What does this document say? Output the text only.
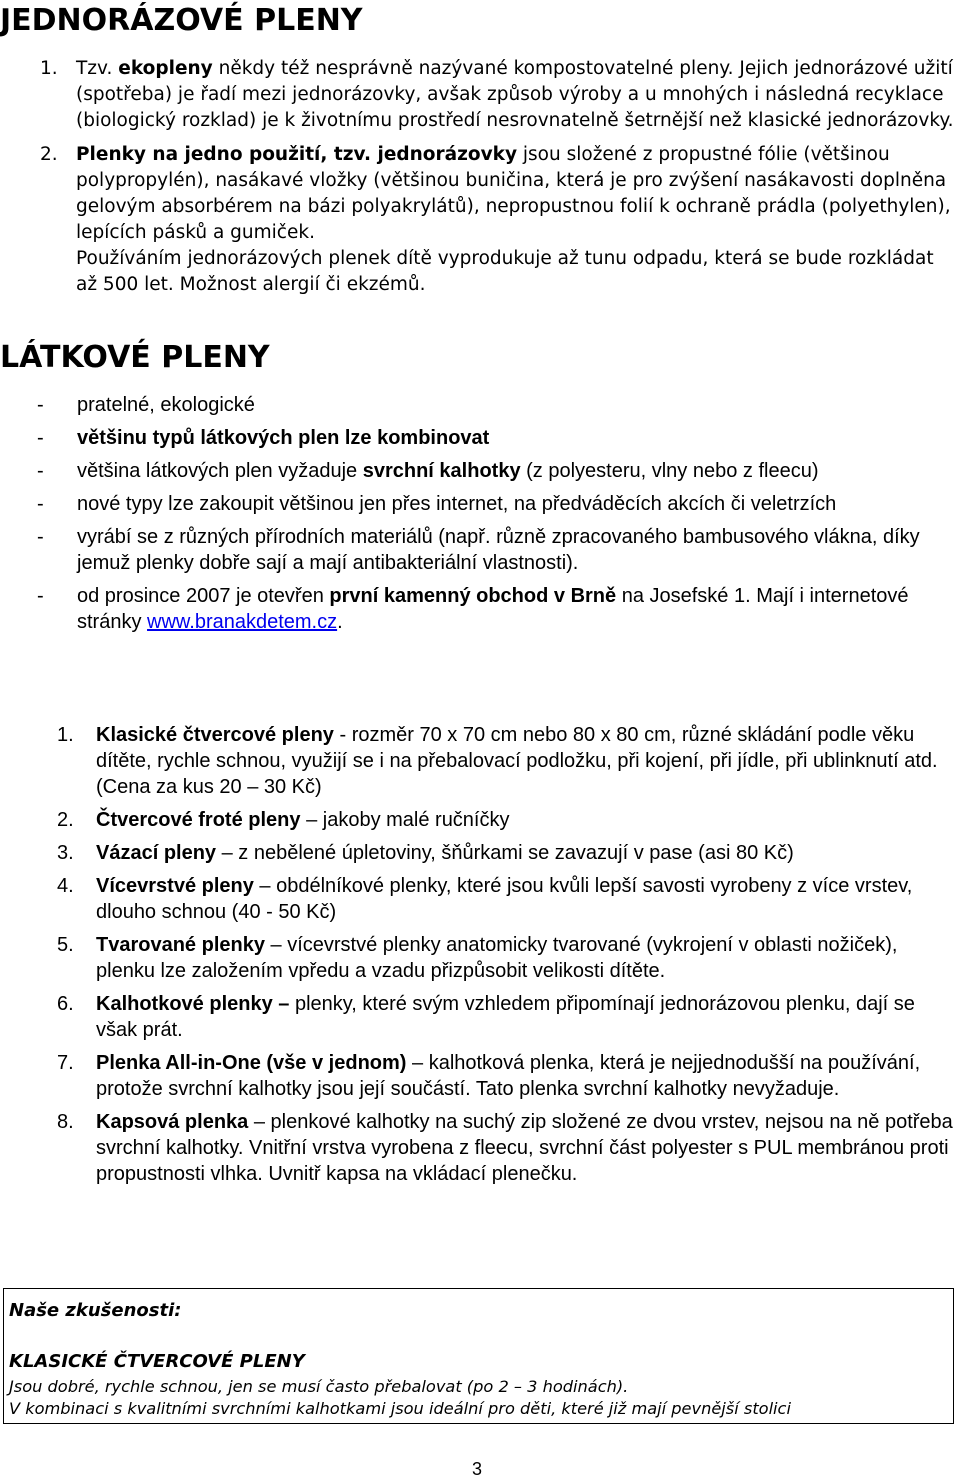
JEDNORÁZOVÉ PLENY
1. Tzv. ekopleny někdy též nesprávně nazývané kompostovatelné pleny. Jejich jednorázové užití (spotřeba) je řadí mezi jednorázovky, avšak způsob výroby a u mnohých i následná recyklace (biologický rozklad) je k životnímu prostředí nesrovnatelně šetrnější než klasické jednorázovky.
2. Plenky na jedno použití, tzv. jednorázovky jsou složené z propustné fólie (většinou polypropylén), nasákavé vložky (většinou buničina, která je pro zvýšení nasákavosti doplněna gelovým absorbérem na bázi polyakrylátů), nepropustnou folií k ochraně prádla (polyethylen), lepících pásků a gumiček.
Používáním jednorázových plenek dítě vyprodukuje až tunu odpadu, která se bude rozkládat až 500 let. Možnost alergií či ekzémů.
LÁTKOVÉ PLENY
- pratelné, ekologické
- většinu typů látkových plen lze kombinovat
- většina látkových plen vyžaduje svrchní kalhotky (z polyesteru, vlny nebo z fleecu)
- nové typy lze zakoupit většinou jen přes internet, na předváděcích akcích či veletrzích
- vyrábí se z různých přírodních materiálů (např. různě zpracovaného bambusového vlákna, díky jemuž plenky dobře sají a mají antibakteriální vlastnosti).
- od prosince 2007 je otevřen první kamenný obchod v Brně na Josefské 1. Mají i internetové stránky www.branakdetem.cz.
1. Klasické čtvercové pleny - rozměr 70 x 70 cm nebo 80 x 80 cm, různé skládání podle věku dítěte, rychle schnou, využijí se i na přebalovací podložku, při kojení, při jídle, při ublinknutí atd. (Cena za kus 20 – 30 Kč)
2. Čtvercové froté pleny – jakoby malé ručníčky
3. Vázací pleny – z nebělené úpletoviny, šňůrkami se zavazují v pase (asi 80 Kč)
4. Vícevrstvé pleny – obdélníkové plenky, které jsou kvůli lepší savosti vyrobeny z více vrstev, dlouho schnou (40 - 50 Kč)
5. Tvarované plenky – vícevrstvé plenky anatomicky tvarované (vykrojení v oblasti nožiček), plenku lze založením vpředu a vzadu přizpůsobit velikosti dítěte.
6. Kalhotkové plenky – plenky, které svým vzhledem připomínají jednorázovou plenku, dají se však prát.
7. Plenka All-in-One (vše v jednom) – kalhotková plenka, která je nejjednodušší na používání, protože svrchní kalhotky jsou její součástí. Tato plenka svrchní kalhotky nevyžaduje.
8. Kapsová plenka – plenkové kalhotky na suchý zip složené ze dvou vrstev, nejsou na ně potřeba svrchní kalhotky. Vnitřní vrstva vyrobena z fleecu, svrchní část polyester s PUL membránou proti propustnosti vlhka. Uvnitř kapsa na vkládací plenečku.
Naše zkušenosti:
KLASICKÉ ČTVERCOVÉ PLENY
Jsou dobré, rychle schnou, jen se musí často přebalovat (po 2 – 3 hodinách).
V kombinaci s kvalitními svrchními kalhotkami jsou ideální pro děti, které již mají pevnější stolici
3
